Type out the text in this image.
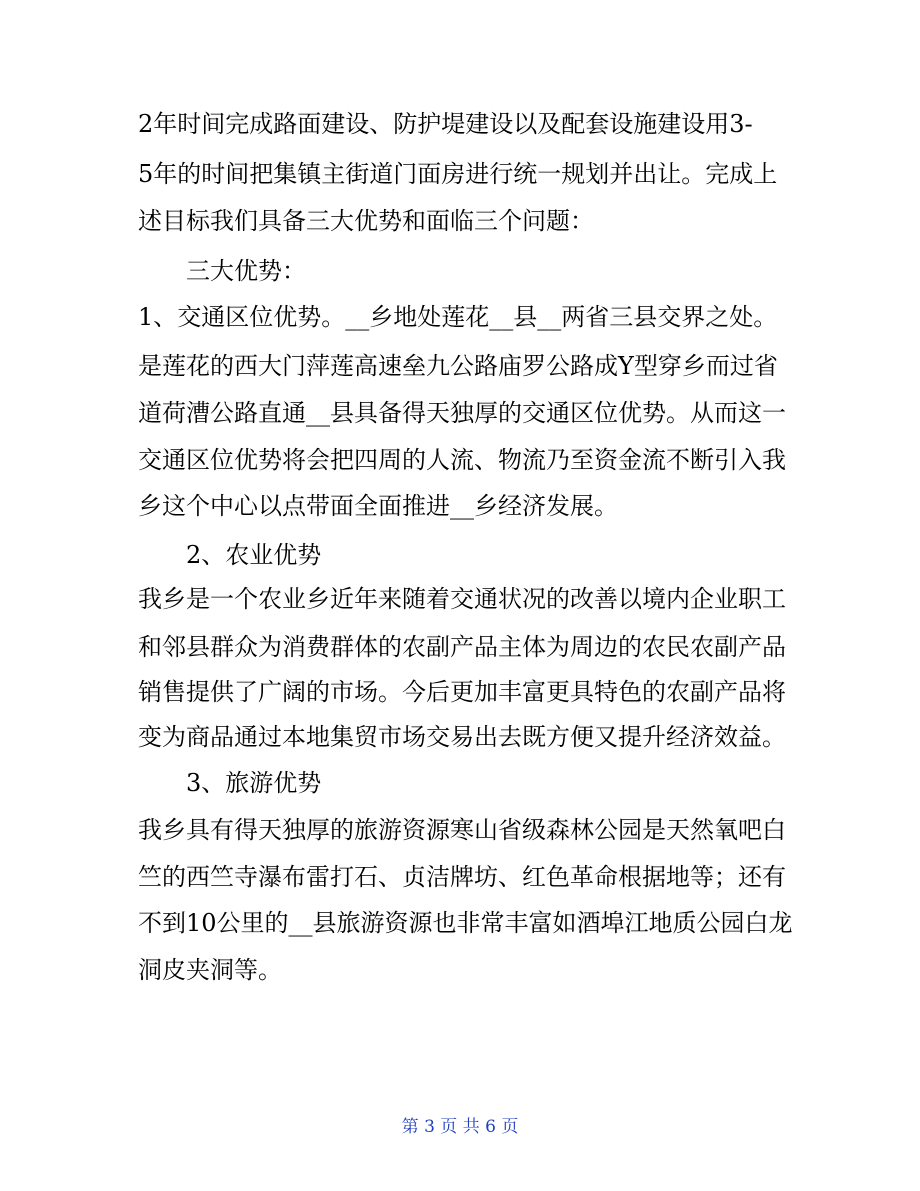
2年时间完成路面建设、防护堤建设以及配套设施建设用3-
5年的时间把集镇主街道门面房进行统一规划并出让。完成上
述目标我们具备三大优势和面临三个问题：
三大优势：
1、交通区位优势。__乡地处莲花__县__两省三县交界之处。
是莲花的西大门萍莲高速垒九公路庙罗公路成Y型穿乡而过省
道荷漕公路直通__县具备得天独厚的交通区位优势。从而这一
交通区位优势将会把四周的人流、物流乃至资金流不断引入我
乡这个中心以点带面全面推进__乡经济发展。
2、农业优势
我乡是一个农业乡近年来随着交通状况的改善以境内企业职工
和邻县群众为消费群体的农副产品主体为周边的农民农副产品
销售提供了广阔的市场。今后更加丰富更具特色的农副产品将
变为商品通过本地集贸市场交易出去既方便又提升经济效益。
3、旅游优势
我乡具有得天独厚的旅游资源寒山省级森林公园是天然氧吧白
竺的西竺寺瀑布雷打石、贞洁牌坊、红色革命根据地等；还有
不到10公里的__县旅游资源也非常丰富如酒埠江地质公园白龙
洞皮夹洞等。
第 3 页 共 6 页
